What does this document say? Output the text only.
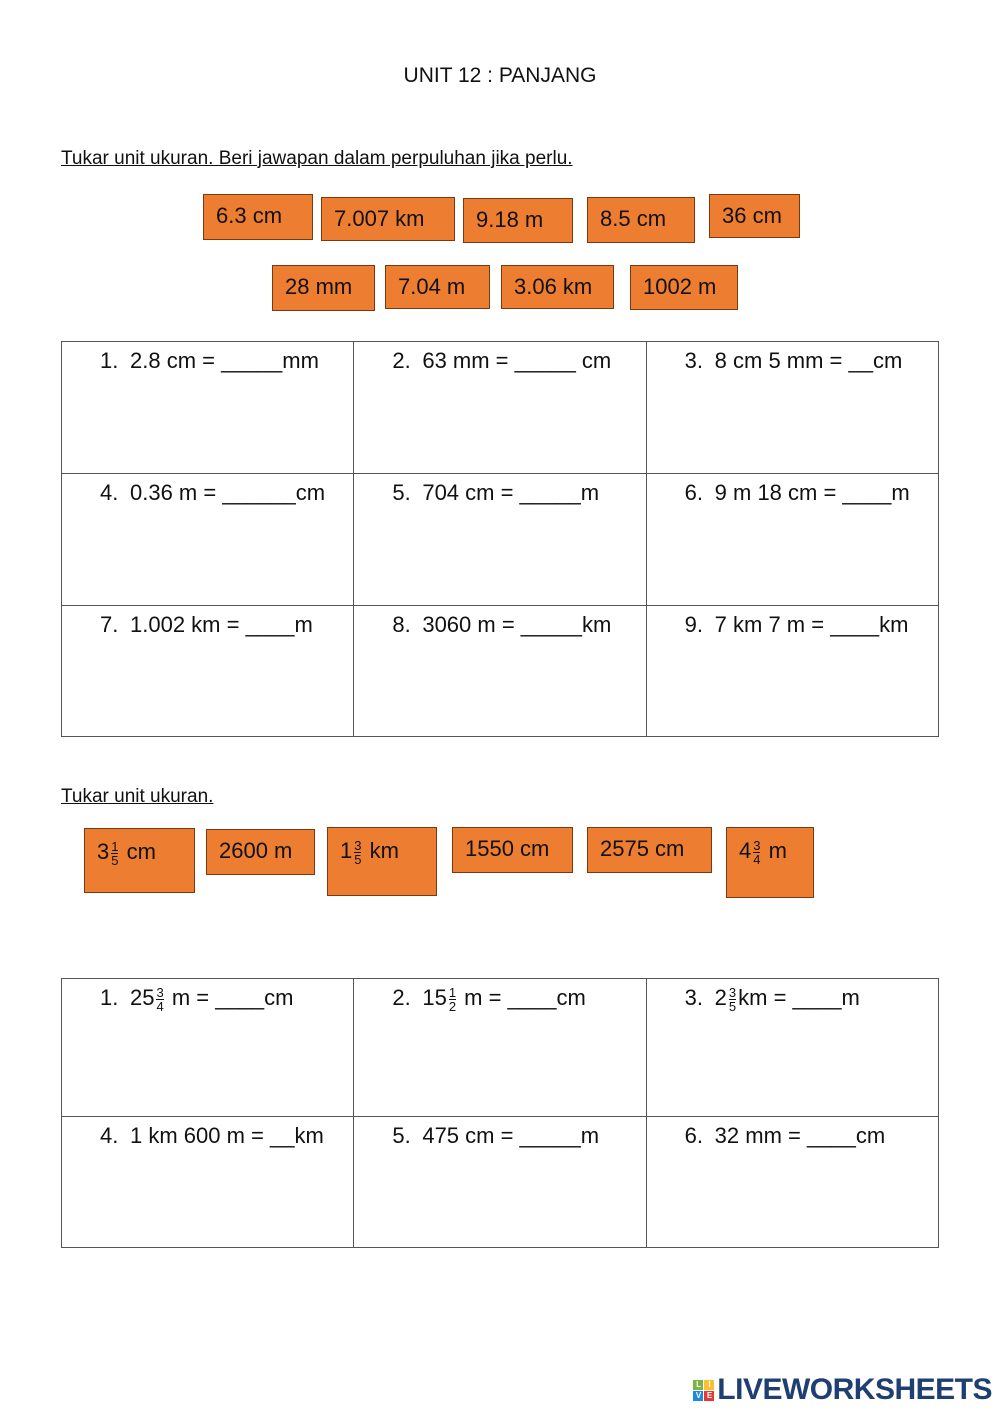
UNIT 12 : PANJANG
Tukar unit ukuran. Beri jawapan dalam perpuluhan jika perlu.
6.3 cm	7.007 km	9.18 m	8.5 cm	36 cm
28 mm	7.04 m	3.06 km	1002 m
1. 2.8 cm = _____mm	2. 63 mm = _____ cm	3. 8 cm 5 mm = __cm
4. 0.36 m = ______cm	5. 704 cm = _____m	6. 9 m 18 cm = ____m
7. 1.002 km = ____m	8. 3060 m = _____km	9. 7 km 7 m = ____km
Tukar unit ukuran.
$3 \frac{1}{5}$ cm	2600 m	$1 \frac{3}{5}$ km	1550 cm	2575 cm	$4 \frac{3}{4}$ m
1. $25 \frac{3}{4}$ m = ____cm	2. $15 \frac{1}{2}$ m = ____cm	3. $2 \frac{3}{5}$ km = ____m
4. 1 km 600 m = __km	5. 475 cm = _____m	6. 32 mm = ____cm
L I
V E LIVEWORKSHEETS
